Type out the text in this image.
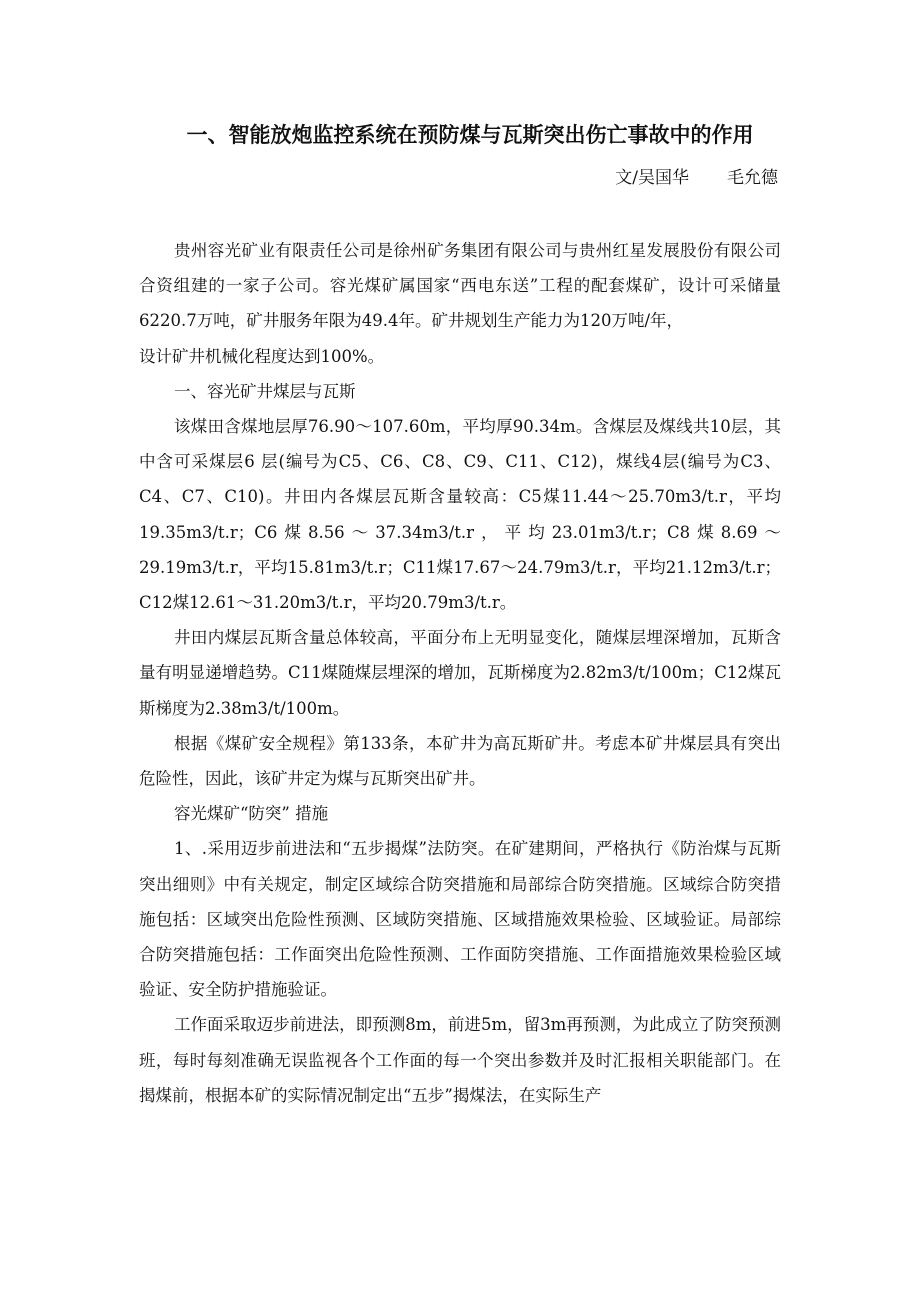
一、智能放炮监控系统在预防煤与瓦斯突出伤亡事故中的作用
文/吴国华 毛允德

贵州容光矿业有限责任公司是徐州矿务集团有限公司与贵州红星发展股份有限公司合资组建的一家子公司。容光煤矿属国家“西电东送”工程的配套煤矿，设计可采储量6220.7万吨，矿井服务年限为49.4年。矿井规划生产能力为120万吨/年，

设计矿井机械化程度达到100%。

一、容光矿井煤层与瓦斯

该煤田含煤地层厚76.90～107.60m，平均厚90.34m。含煤层及煤线共10层，其中含可采煤层6 层(编号为C5、C6、C8、C9、C11、C12)，煤线4层(编号为C3、C4、C7、C10)。井田内各煤层瓦斯含量较高：C5煤11.44～25.70m3/t.r，平均19.35m3/t.r；C6煤8.56～37.34m3/t.r，平均23.01m3/t.r；C8煤8.69～29.19m3/t.r，平均15.81m3/t.r；C11煤17.67～24.79m3/t.r，平均21.12m3/t.r；C12煤12.61～31.20m3/t.r，平均20.79m3/t.r。

井田内煤层瓦斯含量总体较高，平面分布上无明显变化，随煤层埋深增加，瓦斯含量有明显递增趋势。C11煤随煤层埋深的增加，瓦斯梯度为2.82m3/t/100m；C12煤瓦斯梯度为2.38m3/t/100m。

根据《煤矿安全规程》第133条，本矿井为高瓦斯矿井。考虑本矿井煤层具有突出危险性，因此，该矿井定为煤与瓦斯突出矿井。

容光煤矿“防突” 措施

1、.采用迈步前进法和“五步揭煤”法防突。在矿建期间，严格执行《防治煤与瓦斯突出细则》中有关规定，制定区域综合防突措施和局部综合防突措施。区域综合防突措施包括：区域突出危险性预测、区域防突措施、区域措施效果检验、区域验证。局部综合防突措施包括：工作面突出危险性预测、工作面防突措施、工作面措施效果检验区域验证、安全防护措施验证。

工作面采取迈步前进法，即预测8m，前进5m，留3m再预测，为此成立了防突预测班，每时每刻准确无误监视各个工作面的每一个突出参数并及时汇报相关职能部门。在揭煤前，根据本矿的实际情况制定出“五步”揭煤法，在实际生产
